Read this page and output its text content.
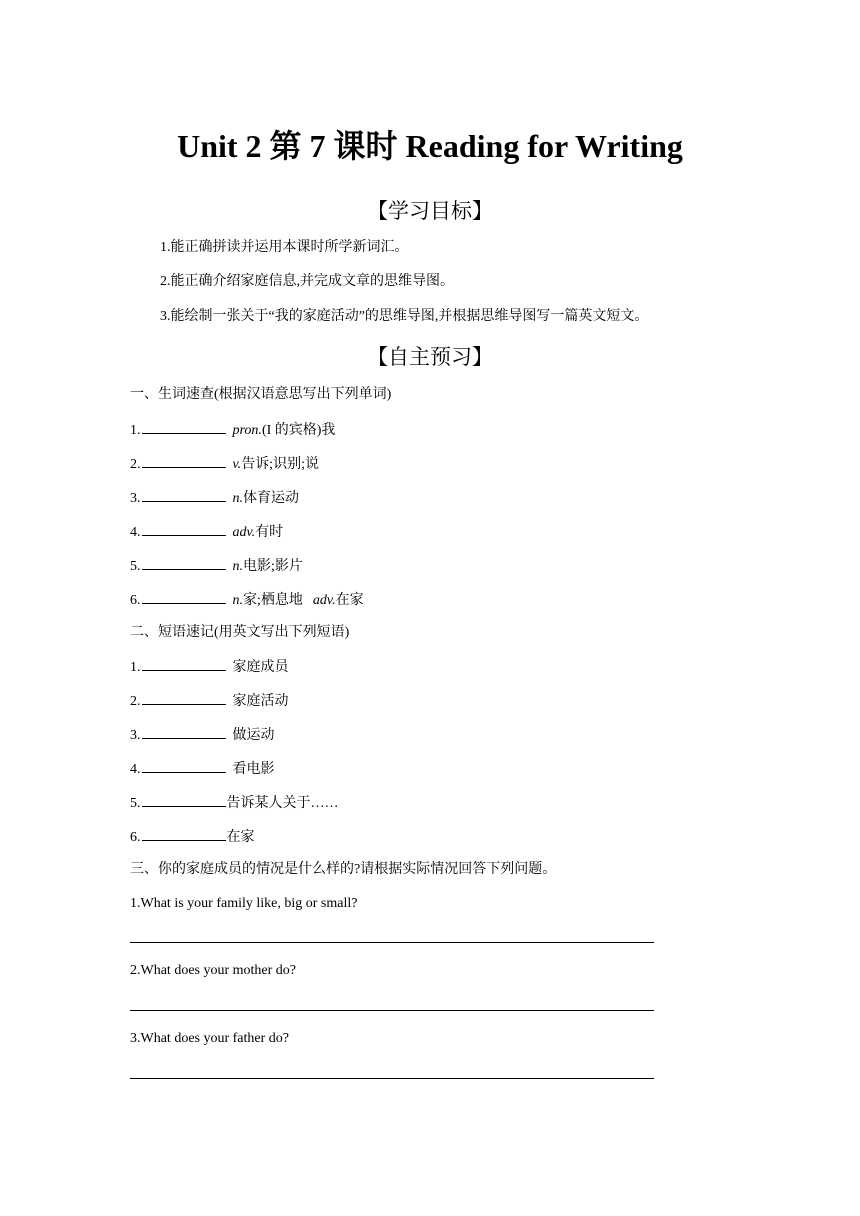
Unit 2 第 7 课时 Reading for Writing
【学习目标】
1.能正确拼读并运用本课时所学新词汇。
2.能正确介绍家庭信息,并完成文章的思维导图。
3.能绘制一张关于“我的家庭活动”的思维导图,并根据思维导图写一篇英文短文。
【自主预习】
一、生词速查(根据汉语意思写出下列单词)
1.	pron.(I 的宾格)我
2.	v.告诉;识别;说
3.	n.体育运动
4.	adv.有时
5.	n.电影;影片
6.	n.家;栖息地 adv.在家
二、短语速记(用英文写出下列短语)
1.	家庭成员
2.	家庭活动
3.	做运动
4.	看电影
5.	告诉某人关于……
6.	在家
三、你的家庭成员的情况是什么样的?请根据实际情况回答下列问题。
1.What is your family like, big or small?
2.What does your mother do?
3.What does your father do?
